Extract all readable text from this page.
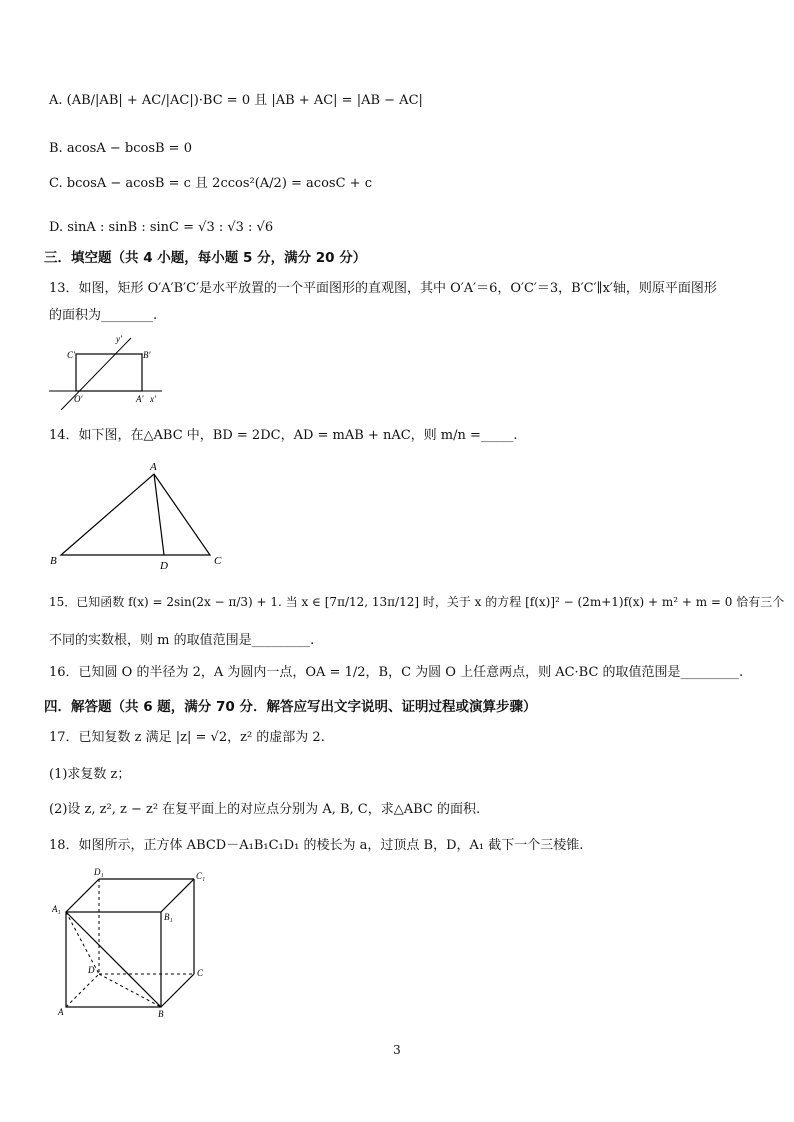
A. (AB/|AB| + AC/|AC|)·BC = 0 且 |AB + AC| = |AB − AC|
B. acosA − bcosB = 0
C. bcosA − acosB = c 且 2ccos²(A/2) = acosC + c
D. sinA : sinB : sinC = √3 : √3 : √6
三．填空题（共 4 小题，每小题 5 分，满分 20 分）
13．如图，矩形 O′A′B′C′是水平放置的一个平面图形的直观图，其中 O′A′＝6，O′C′＝3，B′C′∥x′轴，则原平面图形
的面积为________.
C′	B′
y′
O′	A′ x′
14．如下图，在△ABC 中，BD = 2DC，AD = mAB + nAC，则 m/n =_____.
A
B	C
D
15．已知函数 f(x) = 2sin(2x − π/3) + 1. 当 x ∈ [7π/12, 13π/12] 时，关于 x 的方程 [f(x)]² − (2m+1)f(x) + m² + m = 0 恰有三个
不同的实数根，则 m 的取值范围是_________.
16．已知圆 O 的半径为 2，A 为圆内一点，OA = 1/2，B，C 为圆 O 上任意两点，则 AC·BC 的取值范围是_________.
四．解答题（共 6 题，满分 70 分．解答应写出文字说明、证明过程或演算步骤）
17．已知复数 z 满足 |z| = √2，z² 的虚部为 2.
(1)求复数 z；
(2)设 z, z², z − z² 在复平面上的对应点分别为 A, B, C，求△ABC 的面积.
18．如图所示，正方体 ABCD－A₁B₁C₁D₁ 的棱长为 a，过顶点 B，D，A₁ 截下一个三棱锥.
D₁	C₁
A₁
B₁
D	C
A	B
3
